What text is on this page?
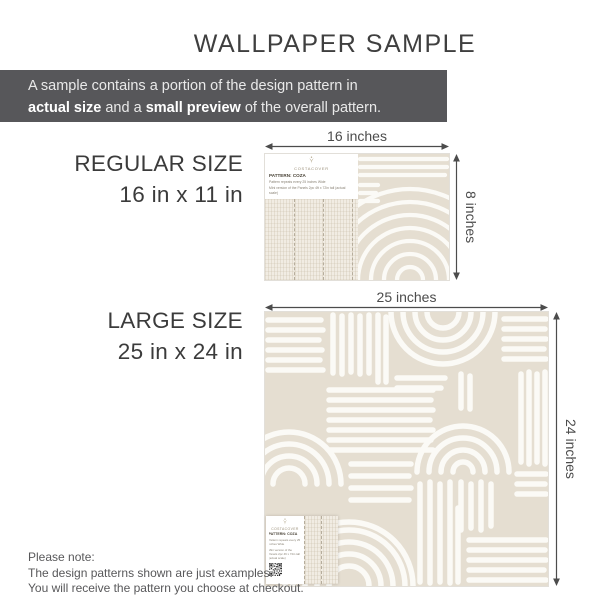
WALLPAPER SAMPLE
A sample contains a portion of the design pattern in
actual size and a small preview of the overall pattern.
REGULAR SIZE
16 in x 11 in
16 inches
COSTACOVER
PATTERN: COZA
Pattern repeats every 25 inches Wide
Mini version of the Panels 2pc 4ft x 72in tall (actual scale)	8 inches
LARGE SIZE
25 in x 24 in
25 inches
COSTACOVER
PATTERN: COZA
Pattern repeats every 25 inches Wide
Mini version of the Panels 2pc 4ft x 72in tall (actual scale)
24 inches
Please note:
The design patterns shown are just examples.
You will receive the pattern you choose at checkout.
